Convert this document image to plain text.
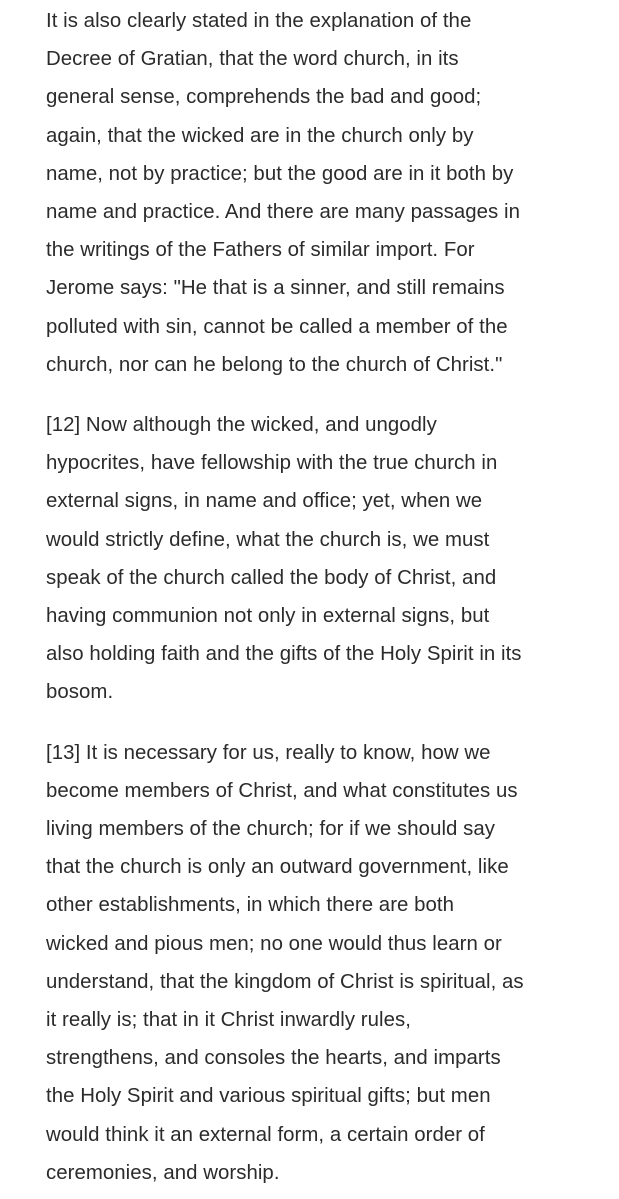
It is also clearly stated in the explanation of the
Decree of Gratian, that the word church, in its
general sense, comprehends the bad and good;
again, that the wicked are in the church only by
name, not by practice; but the good are in it both by
name and practice. And there are many passages in
the writings of the Fathers of similar import. For
Jerome says: "He that is a sinner, and still remains
polluted with sin, cannot be called a member of the
church, nor can he belong to the church of Christ."
[12] Now although the wicked, and ungodly
hypocrites, have fellowship with the true church in
external signs, in name and office; yet, when we
would strictly define, what the church is, we must
speak of the church called the body of Christ, and
having communion not only in external signs, but
also holding faith and the gifts of the Holy Spirit in its
bosom.
[13] It is necessary for us, really to know, how we
become members of Christ, and what constitutes us
living members of the church; for if we should say
that the church is only an outward government, like
other establishments, in which there are both
wicked and pious men; no one would thus learn or
understand, that the kingdom of Christ is spiritual, as
it really is; that in it Christ inwardly rules,
strengthens, and consoles the hearts, and imparts
the Holy Spirit and various spiritual gifts; but men
would think it an external form, a certain order of
ceremonies, and worship.
